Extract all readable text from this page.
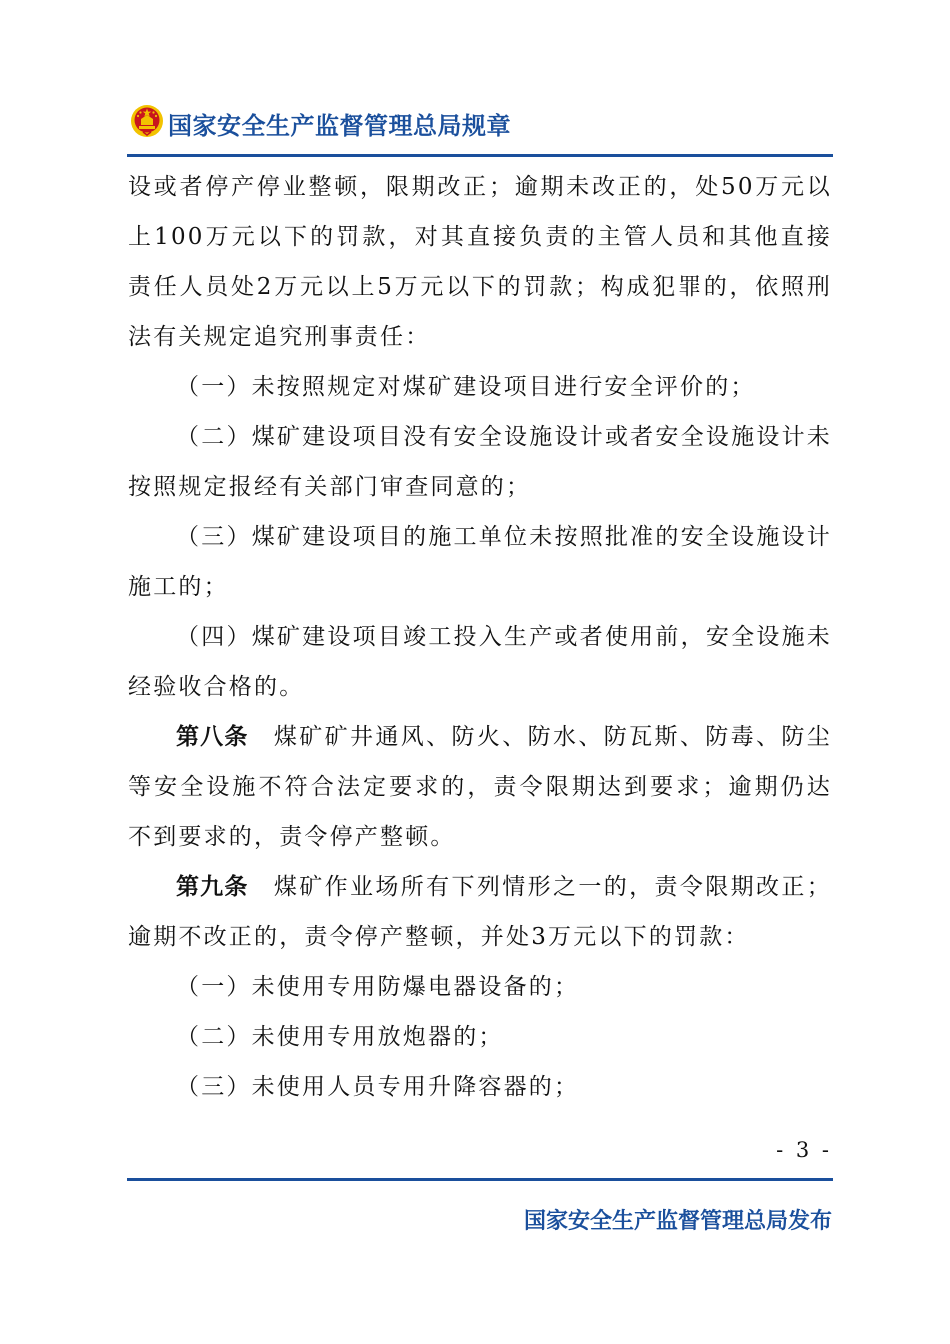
国家安全生产监督管理总局规章

设或者停产停业整顿，限期改正；逾期未改正的，处50万元以上100万元以下的罚款，对其直接负责的主管人员和其他直接责任人员处2万元以上5万元以下的罚款；构成犯罪的，依照刑法有关规定追究刑事责任：

（一）未按照规定对煤矿建设项目进行安全评价的；

（二）煤矿建设项目没有安全设施设计或者安全设施设计未按照规定报经有关部门审查同意的；

（三）煤矿建设项目的施工单位未按照批准的安全设施设计施工的；

（四）煤矿建设项目竣工投入生产或者使用前，安全设施未经验收合格的。

第八条　煤矿矿井通风、防火、防水、防瓦斯、防毒、防尘等安全设施不符合法定要求的，责令限期达到要求；逾期仍达不到要求的，责令停产整顿。

第九条　煤矿作业场所有下列情形之一的，责令限期改正；逾期不改正的，责令停产整顿，并处3万元以下的罚款：

（一）未使用专用防爆电器设备的；

（二）未使用专用放炮器的；

（三）未使用人员专用升降容器的；

- 3 -
国家安全生产监督管理总局发布
